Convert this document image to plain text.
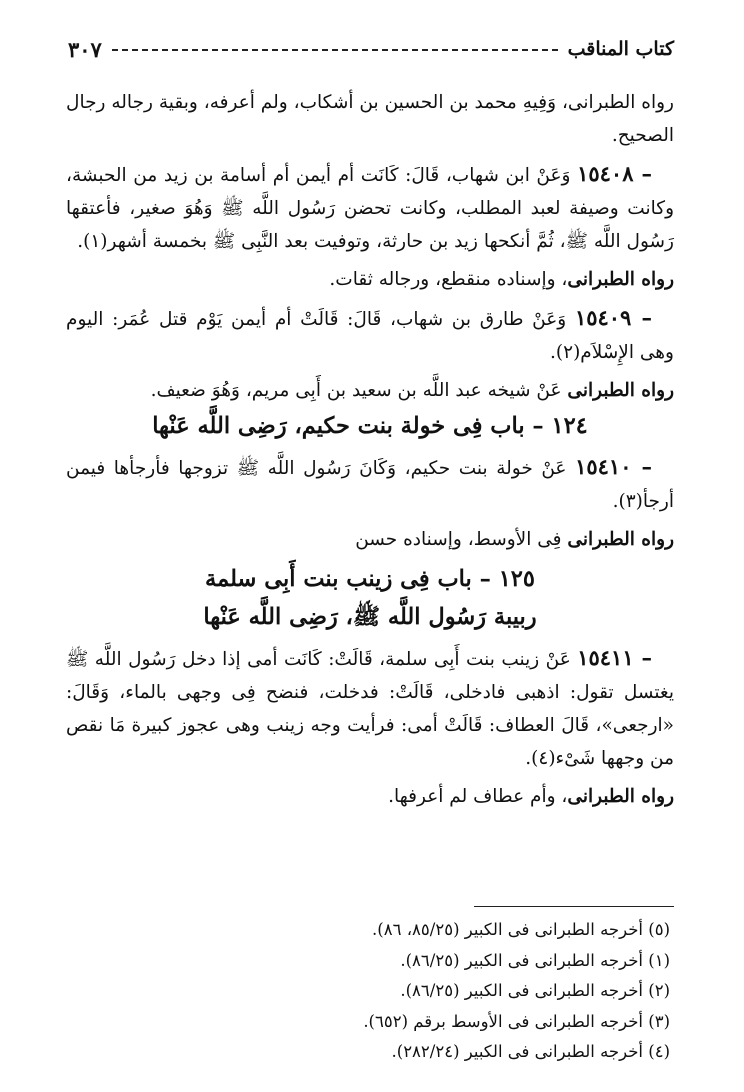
كتاب المناقب
٣٠٧

رواه الطبرانى، وَفِيهِ محمد بن الحسين بن أشكاب، ولم أعرفه، وبقية رجاله رجال الصحيح.

١٥٤٠٨ – وَعَنْ ابن شهاب، قَالَ: كَانَت أم أيمن أم أسامة بن زيد من الحبشة، وكانت وصيفة لعبد المطلب، وكانت تحضن رَسُول اللَّه ﷺ وَهُوَ صغير، فأعتقها رَسُول اللَّه ﷺ، ثُمَّ أنكحها زيد بن حارثة، وتوفيت بعد النَّبِى ﷺ بخمسة أشهر(١).

رواه الطبرانى، وإسناده منقطع، ورجاله ثقات.

١٥٤٠٩ – وَعَنْ طارق بن شهاب، قَالَ: قَالَتْ أم أيمن يَوْم قتل عُمَر: اليوم وهى الإِسْلاَم(٢).

رواه الطبرانى عَنْ شيخه عبد اللَّه بن سعيد بن أَبِى مريم، وَهُوَ ضعيف.

١٢٤ – باب فِى خولة بنت حكيم، رَضِى اللَّه عَنْها

١٥٤١٠ – عَنْ خولة بنت حكيم، وَكَانَ رَسُول اللَّه ﷺ تزوجها فأرجأها فيمن أرجأ(٣).

رواه الطبرانى فِى الأوسط، وإسناده حسن

١٢٥ – باب فِى زينب بنت أَبِى سلمة
ربيبة رَسُول اللَّه ﷺ، رَضِى اللَّه عَنْها

١٥٤١١ – عَنْ زينب بنت أَبِى سلمة، قَالَتْ: كَانَت أمى إذا دخل رَسُول اللَّه ﷺ يغتسل تقول: اذهبى فادخلى، قَالَتْ: فدخلت، فنضح فِى وجهى بالماء، وَقَالَ: «ارجعى»، قَالَ العطاف: قَالَتْ أمى: فرأيت وجه زينب وهى عجوز كبيرة مَا نقص من وجهها شَىْء(٤).

رواه الطبرانى، وأم عطاف لم أعرفها.

(٥) أخرجه الطبرانى فى الكبير (٨٥/٢٥، ٨٦).

(١) أخرجه الطبرانى فى الكبير (٨٦/٢٥).

(٢) أخرجه الطبرانى فى الكبير (٨٦/٢٥).

(٣) أخرجه الطبرانى فى الأوسط برقم (٦٥٢).

(٤) أخرجه الطبرانى فى الكبير (٢٨٢/٢٤).
